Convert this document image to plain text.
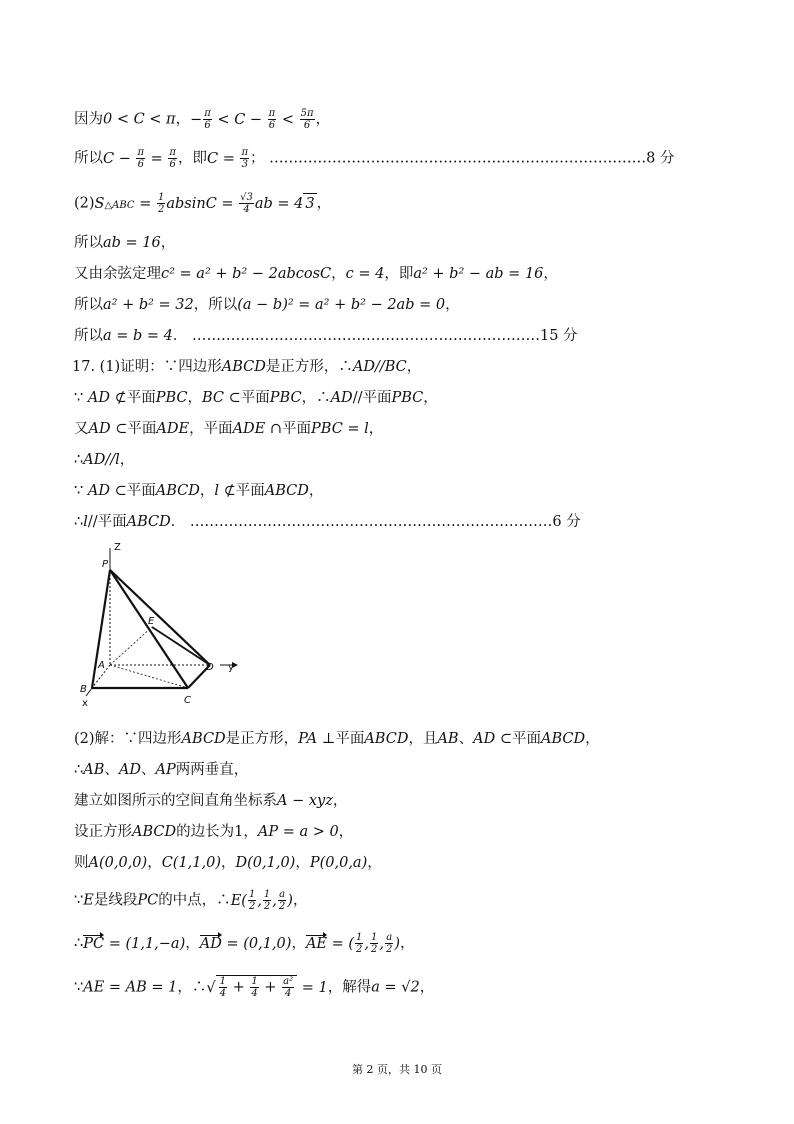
因为0 < C < π，− $\frac{\pi}{6} < C - \frac{\pi}{6} < \frac{5\pi}{6}$ ，
所以$C - \frac{\pi}{6} = \frac{\pi}{6}$ ，即$C = \frac{\pi}{3}$ ； ……………………………………………………………………8 分
(2)S△ABC = $\frac{1}{2}$ $absinC = \frac{√3}{4}$ ab = 4 3 ，
所以ab = 16，
又由余弦定理c² = a² + b² − 2abcosC，c = 4，即a² + b² − ab = 16，
所以a² + b² = 32，所以(a − b)² = a² + b² − 2ab = 0，
所以a = b = 4． ………………………………………………………………15 分
17. (1)证明：∵四边形ABCD是正方形，∴AD//BC，
∵ AD ⊄平面PBC，BC ⊂平面PBC，∴AD//平面PBC，
又AD ⊂平面ADE，平面ADE ∩平面PBC = l，
∴AD//l，
∵ AD ⊂平面ABCD，l ⊄平面ABCD，
∴l//平面ABCD． …………………………………………………………………6 分
Z
P
E
A	D y
C
B
x
(2)解：∵四边形ABCD是正方形，PA ⊥平面ABCD，且AB、AD ⊂平面ABCD，
∴AB、AD、AP两两垂直，
建立如图所示的空间直角坐标系A − xyz，
设正方形ABCD的边长为1，AP = a > 0，
则A(0,0,0)，C(1,1,0)，D(0,1,0)，P(0,0,a)，
∵E是线段PC的中点，∴E( $\frac{1}{2}$ , $\frac{1}{2}$ , $\frac{a}{2}$ )，
∴PC = (1,1,−a)，AD = (0,1,0)，AE = ( $\frac{1}{2}$ , $\frac{1}{2}$ , $\frac{a}{2}$ )，
∵AE = AB = 1，∴√ $\frac{1}{4} + \frac{1}{4} + \frac{\text{a²}}{4} = 1$，解得a = √2，
第 2 页，共 10 页
